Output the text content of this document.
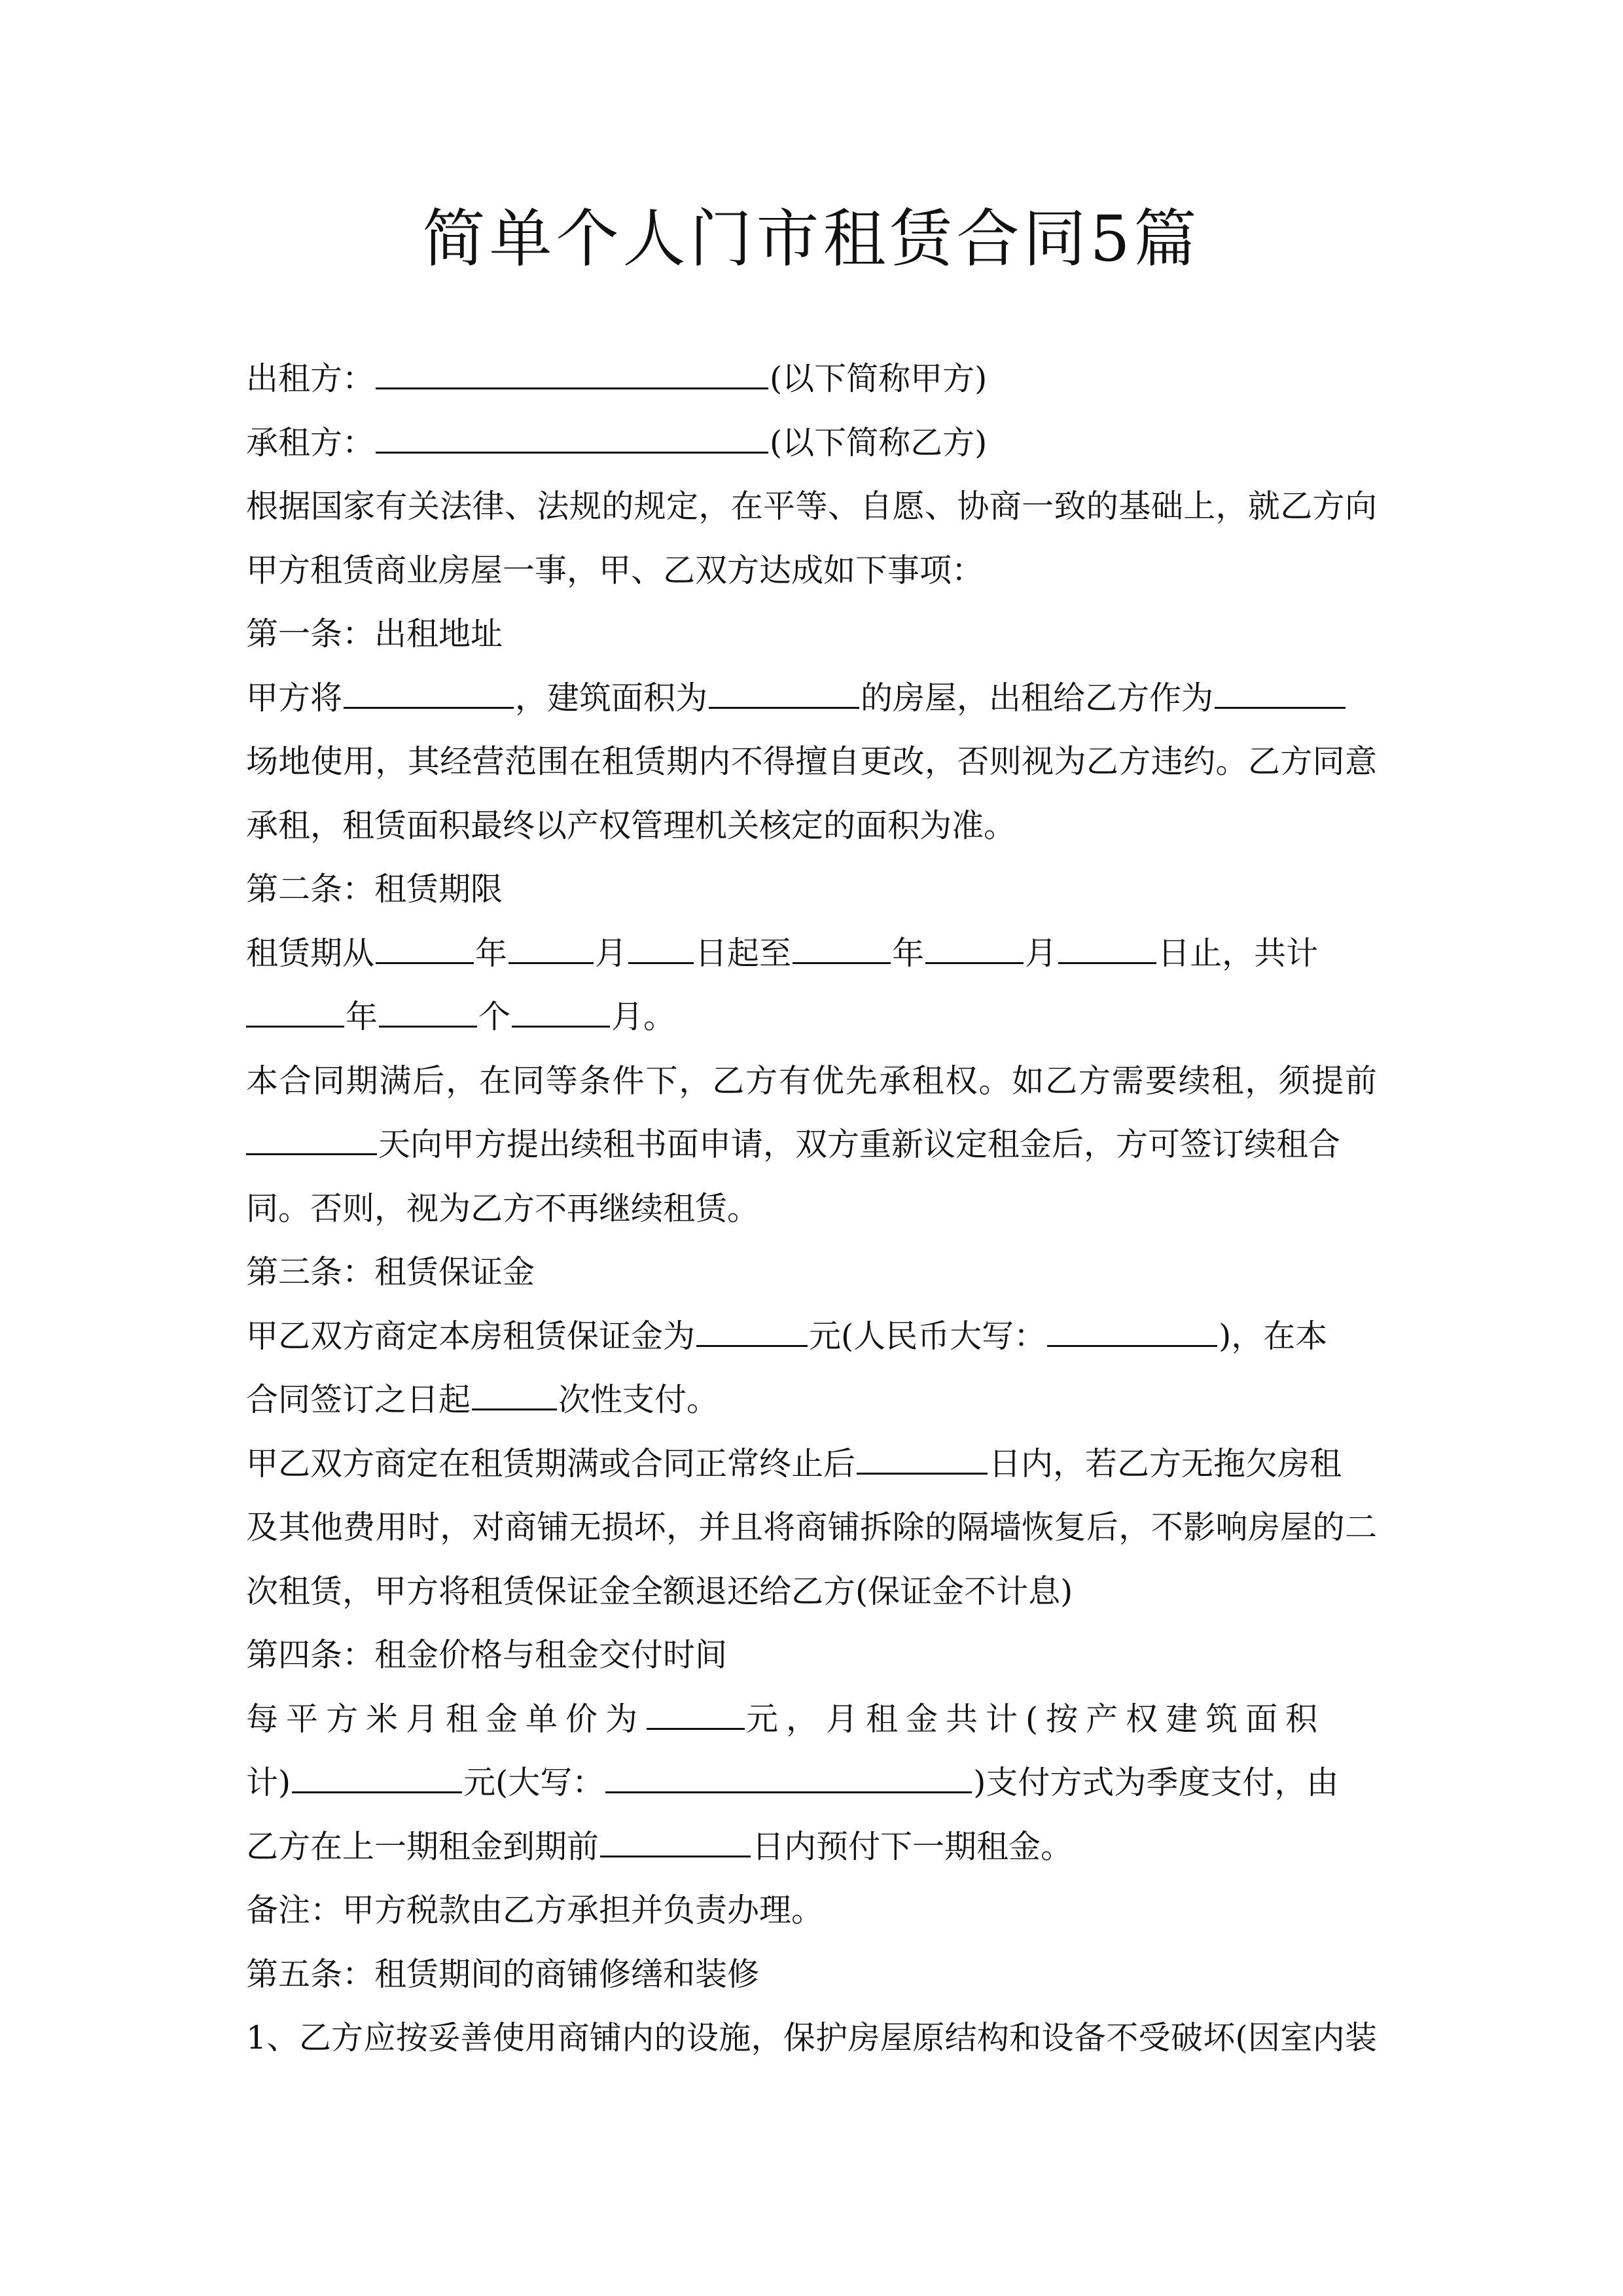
简单个人门市租赁合同5篇
出租方：	(以下简称甲方)
承租方：	(以下简称乙方)
根据国家有关法律、法规的规定，在平等、自愿、协商一致的基础上，就乙方向
甲方租赁商业房屋一事，甲、乙双方达成如下事项：
第一条：出租地址
甲方将	，建筑面积为	的房屋，出租给乙方作为
场地使用，其经营范围在租赁期内不得擅自更改，否则视为乙方违约。乙方同意
承租，租赁面积最终以产权管理机关核定的面积为准。
第二条：租赁期限
租赁期从	年	月 日起至	年	月	日止，共计
年	个	月。
本合同期满后，在同等条件下，乙方有优先承租权。如乙方需要续租，须提前
天向甲方提出续租书面申请，双方重新议定租金后，方可签订续租合
同。否则，视为乙方不再继续租赁。
第三条：租赁保证金
甲乙双方商定本房租赁保证金为	元(人民币大写：	)，在本
合同签订之日起	次性支付。
甲乙双方商定在租赁期满或合同正常终止后	日内，若乙方无拖欠房租
及其他费用时，对商铺无损坏，并且将商铺拆除的隔墙恢复后，不影响房屋的二
次租赁，甲方将租赁保证金全额退还给乙方(保证金不计息)
第四条：租金价格与租金交付时间
每平方米月租金单价为	元，月租金共计(按产权建筑面积
计)	元(大写：	)支付方式为季度支付，由
乙方在上一期租金到期前	日内预付下一期租金。
备注：甲方税款由乙方承担并负责办理。
第五条：租赁期间的商铺修缮和装修
1、乙方应按妥善使用商铺内的设施，保护房屋原结构和设备不受破坏(因室内装
